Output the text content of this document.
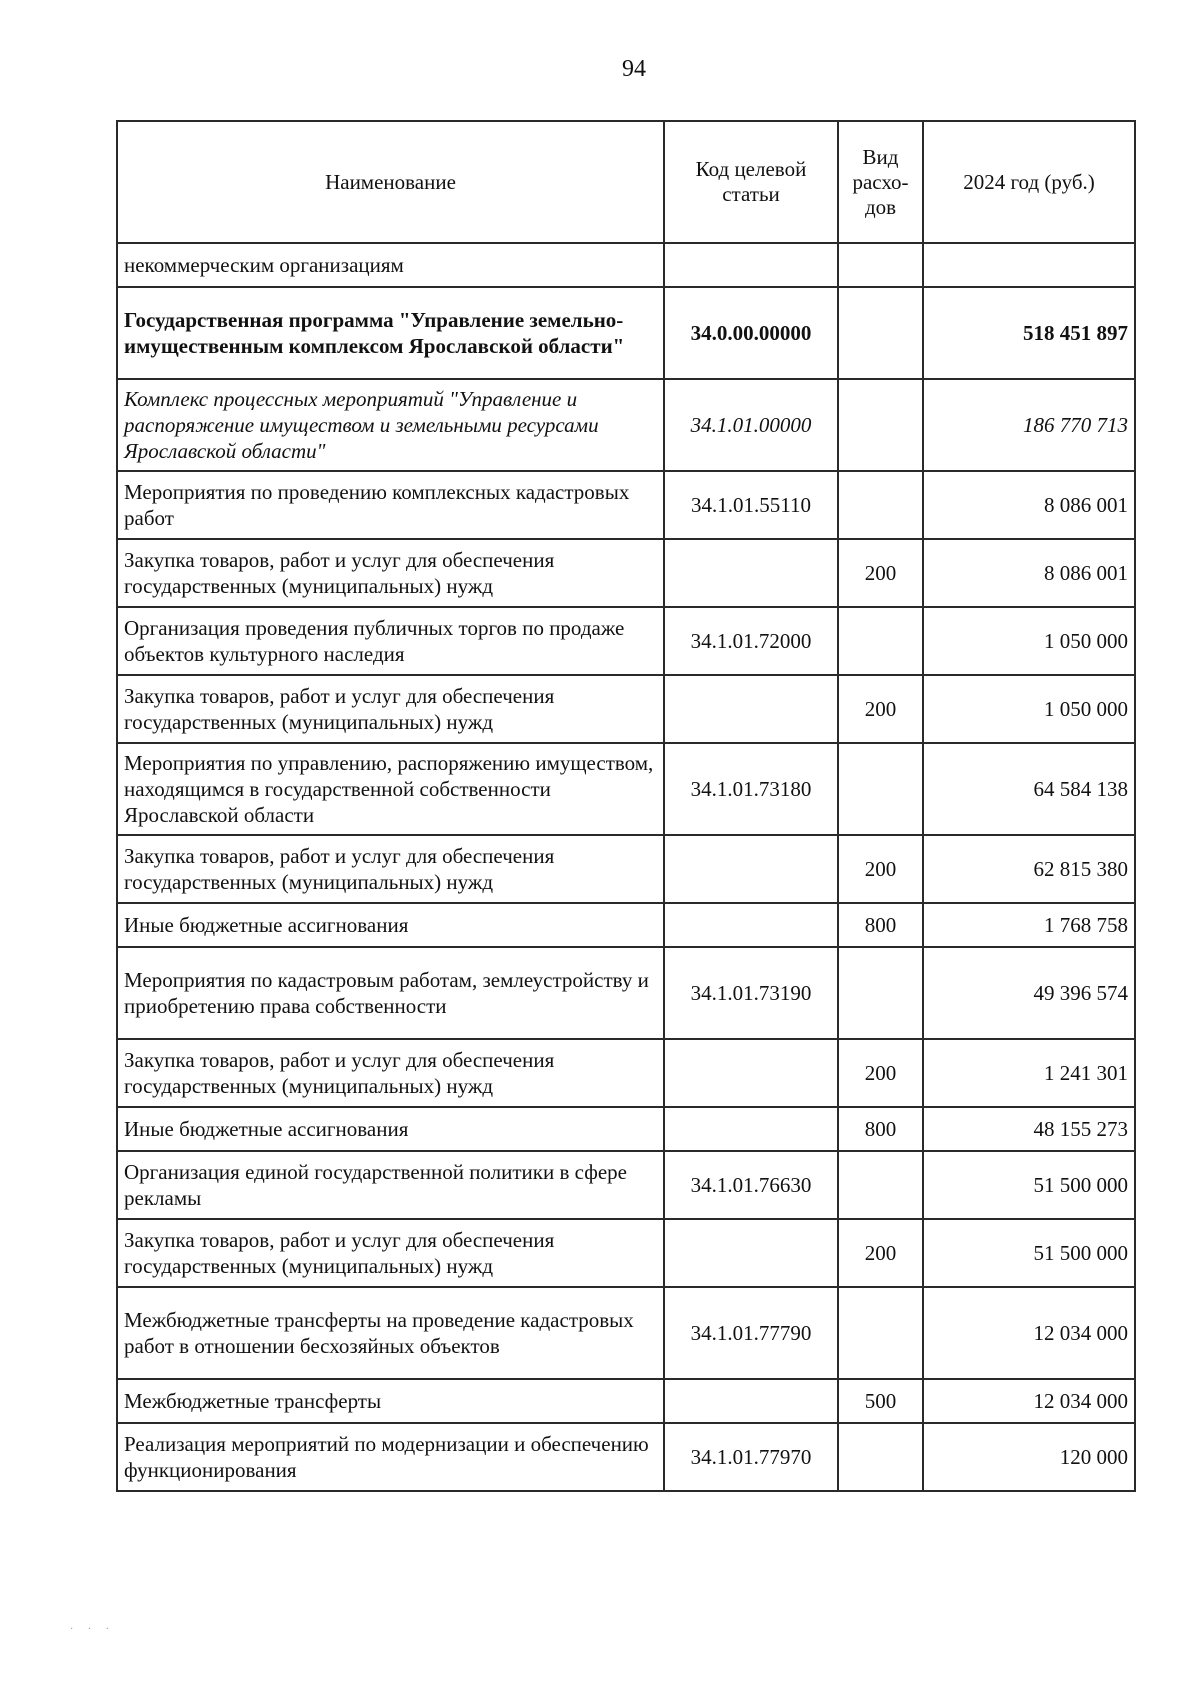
94
Наименование	Код целевой статьи	Вид расхо-дов	2024 год (руб.)
некоммерческим организациям			
Государственная программа "Управление земельно-имущественным комплексом Ярославской области"	34.0.00.00000		518 451 897
Комплекс процессных мероприятий "Управление и распоряжение имуществом и земельными ресурсами Ярославской области"	34.1.01.00000		186 770 713
Мероприятия по проведению комплексных кадастровых работ	34.1.01.55110		8 086 001
Закупка товаров, работ и услуг для обеспечения государственных (муниципальных) нужд		200	8 086 001
Организация проведения публичных торгов по продаже объектов культурного наследия	34.1.01.72000		1 050 000
Закупка товаров, работ и услуг для обеспечения государственных (муниципальных) нужд		200	1 050 000
Мероприятия по управлению, распоряжению имуществом, находящимся в государственной собственности Ярославской области	34.1.01.73180		64 584 138
Закупка товаров, работ и услуг для обеспечения государственных (муниципальных) нужд		200	62 815 380
Иные бюджетные ассигнования		800	1 768 758
Мероприятия по кадастровым работам, землеустройству и приобретению права собственности	34.1.01.73190		49 396 574
Закупка товаров, работ и услуг для обеспечения государственных (муниципальных) нужд		200	1 241 301
Иные бюджетные ассигнования		800	48 155 273
Организация единой государственной политики в сфере рекламы	34.1.01.76630		51 500 000
Закупка товаров, работ и услуг для обеспечения государственных (муниципальных) нужд		200	51 500 000
Межбюджетные трансферты на проведение кадастровых работ в отношении бесхозяйных объектов	34.1.01.77790		12 034 000
Межбюджетные трансферты		500	12 034 000
Реализация мероприятий по модернизации и обеспечению функционирования	34.1.01.77970		120 000
· · ·
